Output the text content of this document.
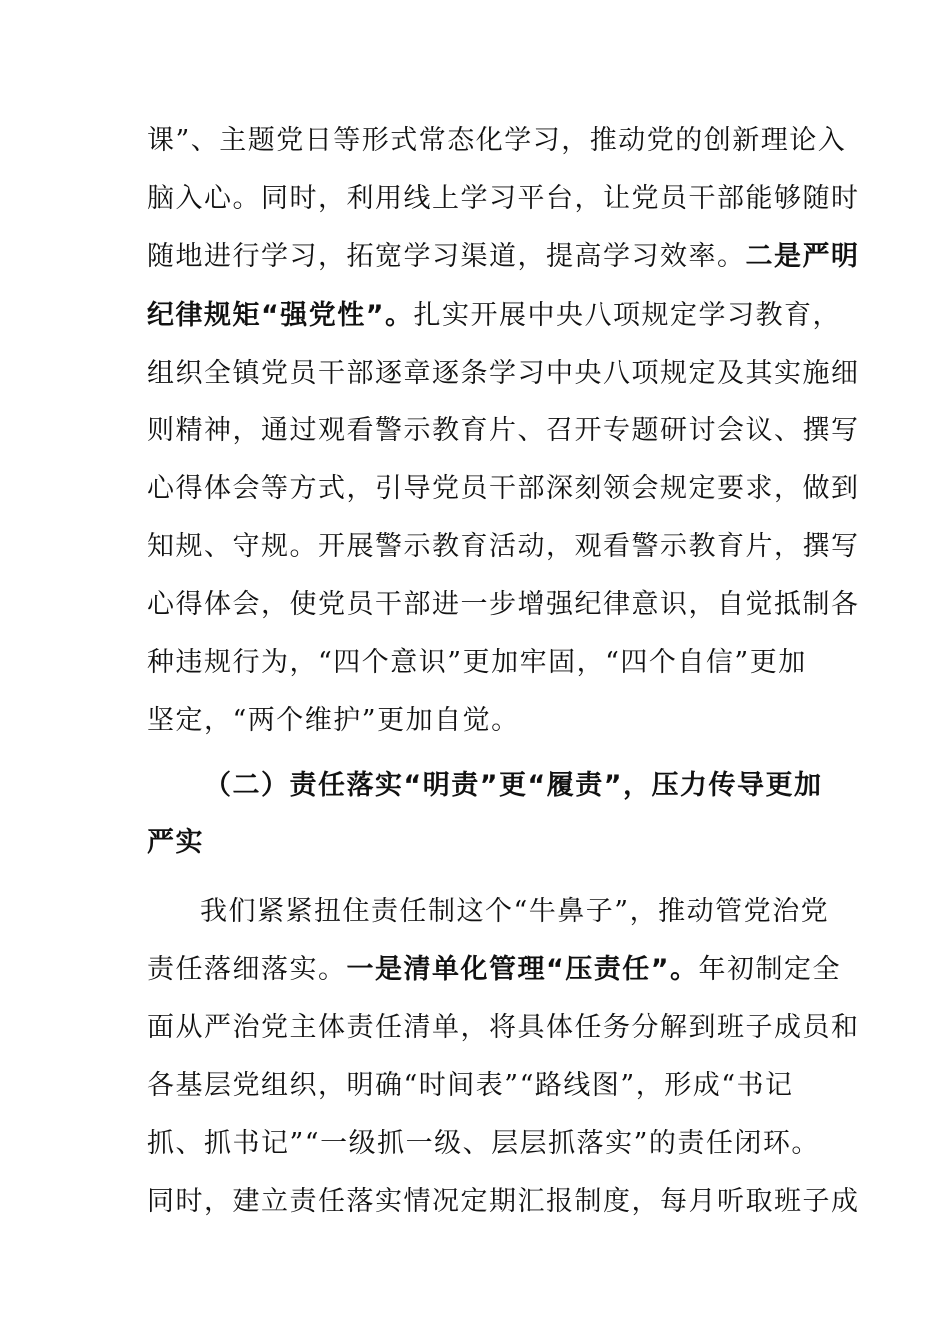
课”、主题党日等形式常态化学习，推动党的创新理论入
脑入心。同时，利用线上学习平台，让党员干部能够随时
随地进行学习，拓宽学习渠道，提高学习效率。二是严明
纪律规矩“强党性”。扎实开展中央八项规定学习教育，
组织全镇党员干部逐章逐条学习中央八项规定及其实施细
则精神，通过观看警示教育片、召开专题研讨会议、撰写
心得体会等方式，引导党员干部深刻领会规定要求，做到
知规、守规。开展警示教育活动，观看警示教育片，撰写
心得体会，使党员干部进一步增强纪律意识，自觉抵制各
种违规行为，“四个意识”更加牢固，“四个自信”更加
坚定，“两个维护”更加自觉。
（二）责任落实“明责”更“履责”，压力传导更加
严实
我们紧紧扭住责任制这个“牛鼻子”，推动管党治党
责任落细落实。一是清单化管理“压责任”。年初制定全
面从严治党主体责任清单，将具体任务分解到班子成员和
各基层党组织，明确“时间表”“路线图”，形成“书记
抓、抓书记”“一级抓一级、层层抓落实”的责任闭环。
同时，建立责任落实情况定期汇报制度，每月听取班子成
